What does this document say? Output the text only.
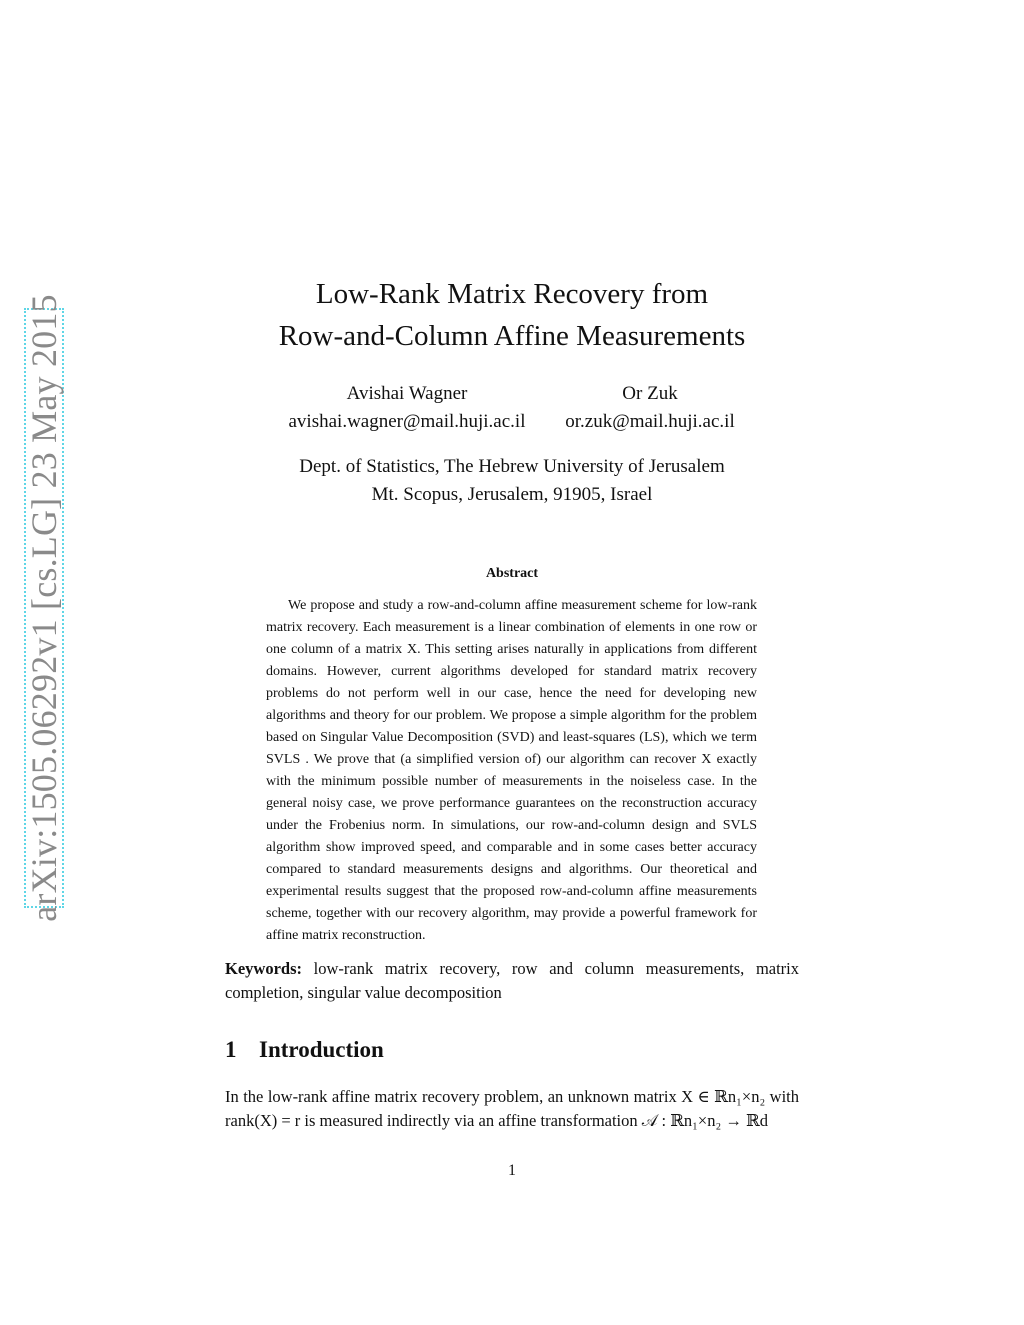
arXiv:1505.06292v1 [cs.LG] 23 May 2015
Low-Rank Matrix Recovery from
Row-and-Column Affine Measurements
Avishai Wagner
avishai.wagner@mail.huji.ac.il
Or Zuk
or.zuk@mail.huji.ac.il
Dept. of Statistics, The Hebrew University of Jerusalem
Mt. Scopus, Jerusalem, 91905, Israel
Abstract

We propose and study a row-and-column affine measurement scheme for low-rank matrix recovery. Each measurement is a linear combination of elements in one row or one column of a matrix X. This setting arises naturally in applications from different domains. However, current algorithms developed for standard matrix recovery problems do not perform well in our case, hence the need for developing new algorithms and theory for our problem. We propose a simple algorithm for the problem based on Singular Value Decomposition (SVD) and least-squares (LS), which we term SVLS . We prove that (a simplified version of) our algorithm can recover X exactly with the minimum possible number of measurements in the noiseless case. In the general noisy case, we prove performance guarantees on the reconstruction accuracy under the Frobenius norm. In simulations, our row-and-column design and SVLS algorithm show improved speed, and comparable and in some cases better accuracy compared to standard measurements designs and algorithms. Our theoretical and experimental results suggest that the proposed row-and-column affine measurements scheme, together with our recovery algorithm, may provide a powerful framework for affine matrix reconstruction.

Keywords: low-rank matrix recovery, row and column measurements, matrix completion, singular value decomposition

1 Introduction

In the low-rank affine matrix recovery problem, an unknown matrix X ∈ ℝn₁×n₂ with rank(X) = r is measured indirectly via an affine transformation 𝒜 : ℝn₁×n₂ → ℝd

1
